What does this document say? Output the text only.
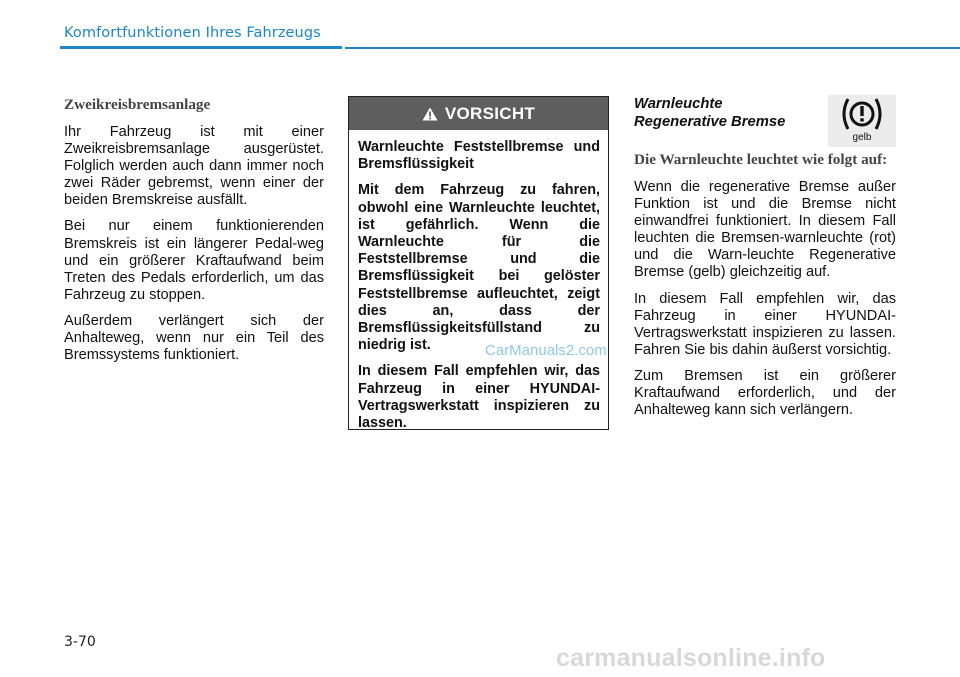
Komfortfunktionen Ihres Fahrzeugs
Zweikreisbremsanlage

Ihr Fahrzeug ist mit einer Zweikreisbremsanlage ausgerüstet. Folglich werden auch dann immer noch zwei Räder gebremst, wenn einer der beiden Bremskreise ausfällt.

Bei nur einem funktionierenden Bremskreis ist ein längerer Pedal-weg und ein größerer Kraftaufwand beim Treten des Pedals erforderlich, um das Fahrzeug zu stoppen.

Außerdem verlängert sich der Anhalteweg, wenn nur ein Teil des Bremssystems funktioniert.

VORSICHT

Warnleuchte Feststellbremse und Bremsflüssigkeit

Mit dem Fahrzeug zu fahren, obwohl eine Warnleuchte leuchtet, ist gefährlich. Wenn die Warnleuchte für die Feststellbremse und die Bremsflüssigkeit bei gelöster Feststellbremse aufleuchtet, zeigt dies an, dass der Bremsflüssigkeitsfüllstand zu niedrig ist.

In diesem Fall empfehlen wir, das Fahrzeug in einer HYUNDAI-Vertragswerkstatt inspizieren zu lassen.

Warnleuchte
Regenerative Bremse
Die Warnleuchte leuchtet wie folgt auf:

Wenn die regenerative Bremse außer Funktion ist und die Bremse nicht einwandfrei funktioniert. In diesem Fall leuchten die Bremsen-warnleuchte (rot) und die Warn-leuchte Regenerative Bremse (gelb) gleichzeitig auf.

In diesem Fall empfehlen wir, das Fahrzeug in einer HYUNDAI-Vertragswerkstatt inspizieren zu lassen. Fahren Sie bis dahin äußerst vorsichtig.

Zum Bremsen ist ein größerer Kraftaufwand erforderlich, und der Anhalteweg kann sich verlängern.

gelb
CarManuals2.com
3-70
carmanualsonline.info
